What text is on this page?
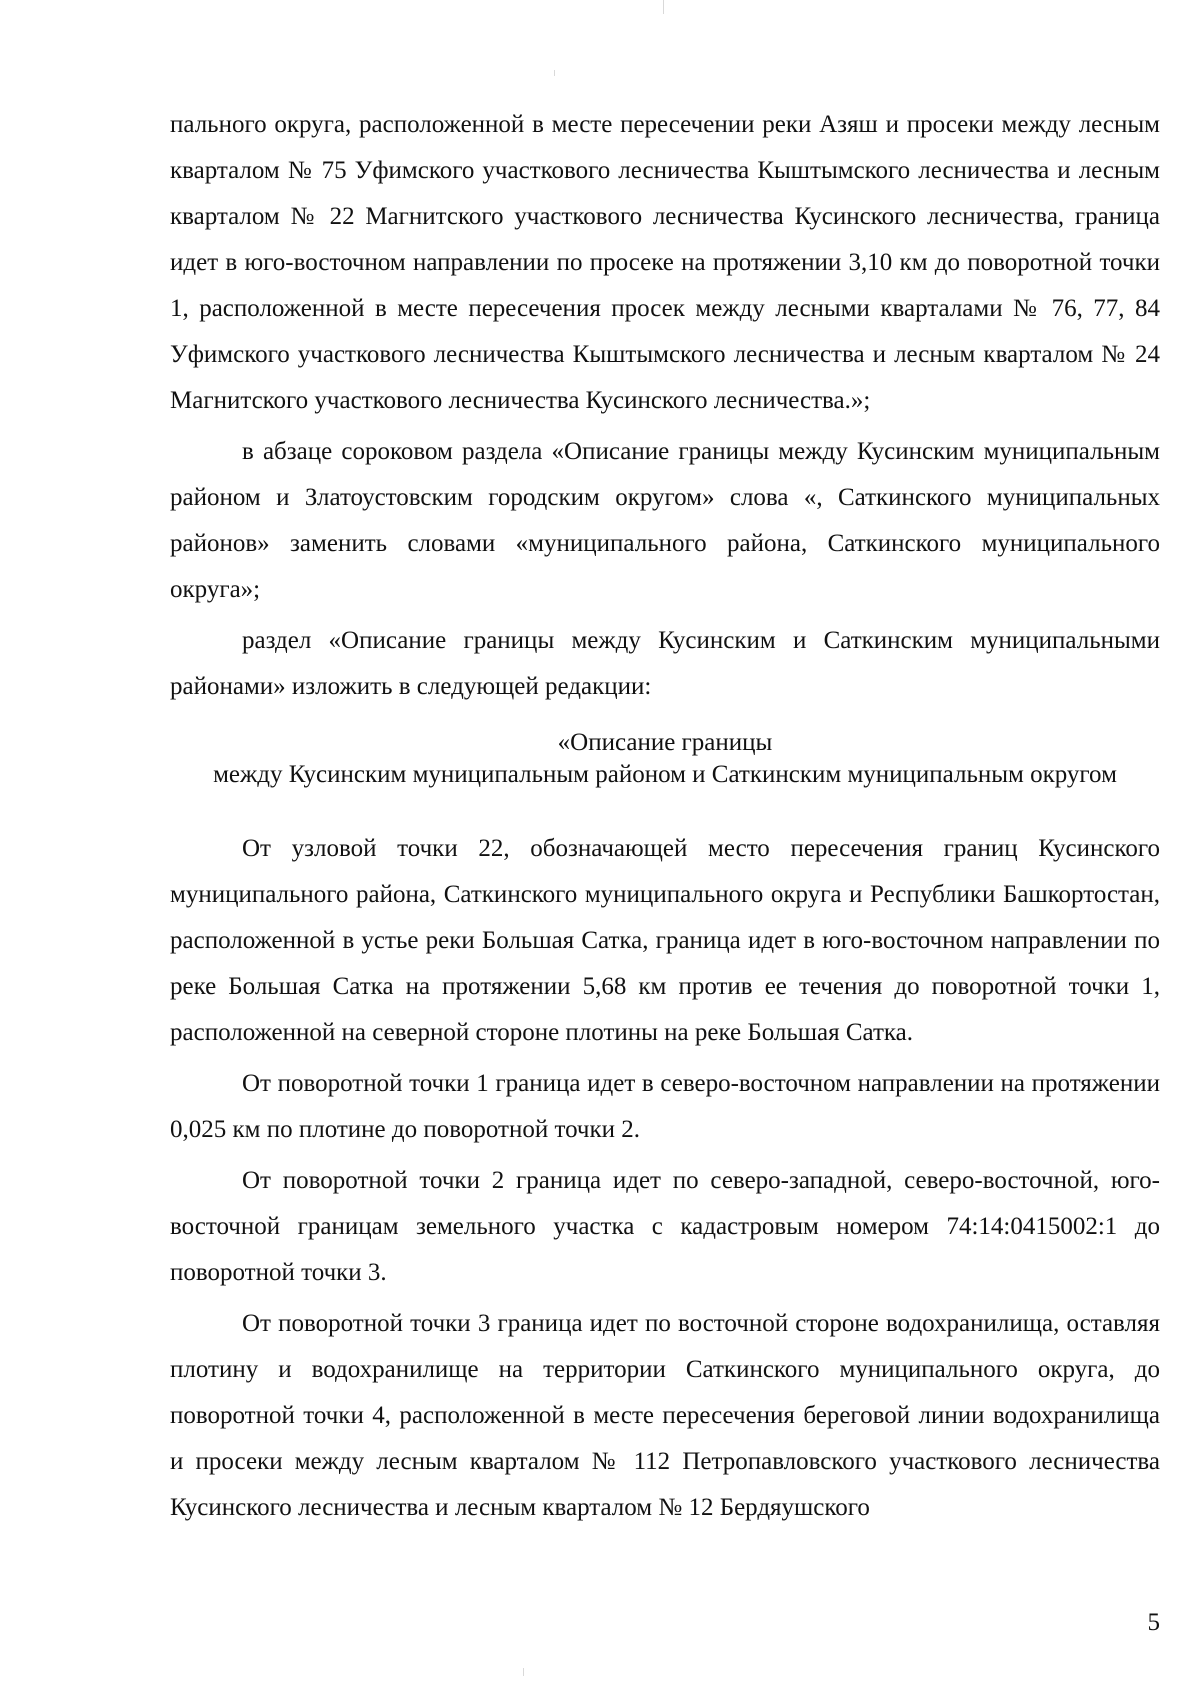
пального округа, расположенной в месте пересечении реки Азяш и просеки между лесным кварталом № 75 Уфимского участкового лесничества Кыштымского лесничества и лесным кварталом № 22 Магнитского участкового лесничества Кусинского лесничества, граница идет в юго-восточном направлении по просеке на протяжении 3,10 км до поворотной точки 1, расположенной в месте пересечения просек между лесными кварталами № 76, 77, 84 Уфимского участкового лесничества Кыштымского лесничества и лесным кварталом № 24 Магнитского участкового лесничества Кусинского лесничества.»;

в абзаце сороковом раздела «Описание границы между Кусинским муниципальным районом и Златоустовским городским округом» слова «, Саткинского муниципальных районов» заменить словами «муниципального района, Саткинского муниципального округа»;

раздел «Описание границы между Кусинским и Саткинским муниципальными районами» изложить в следующей редакции:

«Описание границы
между Кусинским муниципальным районом и Саткинским муниципальным округом

От узловой точки 22, обозначающей место пересечения границ Кусинского муниципального района, Саткинского муниципального округа и Республики Башкортостан, расположенной в устье реки Большая Сатка, граница идет в юго-восточном направлении по реке Большая Сатка на протяжении 5,68 км против ее течения до поворотной точки 1, расположенной на северной стороне плотины на реке Большая Сатка.

От поворотной точки 1 граница идет в северо-восточном направлении на протяжении 0,025 км по плотине до поворотной точки 2.

От поворотной точки 2 граница идет по северо-западной, северо-восточной, юго-восточной границам земельного участка с кадастровым номером 74:14:0415002:1 до поворотной точки 3.

От поворотной точки 3 граница идет по восточной стороне водохранилища, оставляя плотину и водохранилище на территории Саткинского муниципального округа, до поворотной точки 4, расположенной в месте пересечения береговой линии водохранилища и просеки между лесным кварталом № 112 Петропавловского участкового лесничества Кусинского лесничества и лесным кварталом № 12 Бердяушского

5
